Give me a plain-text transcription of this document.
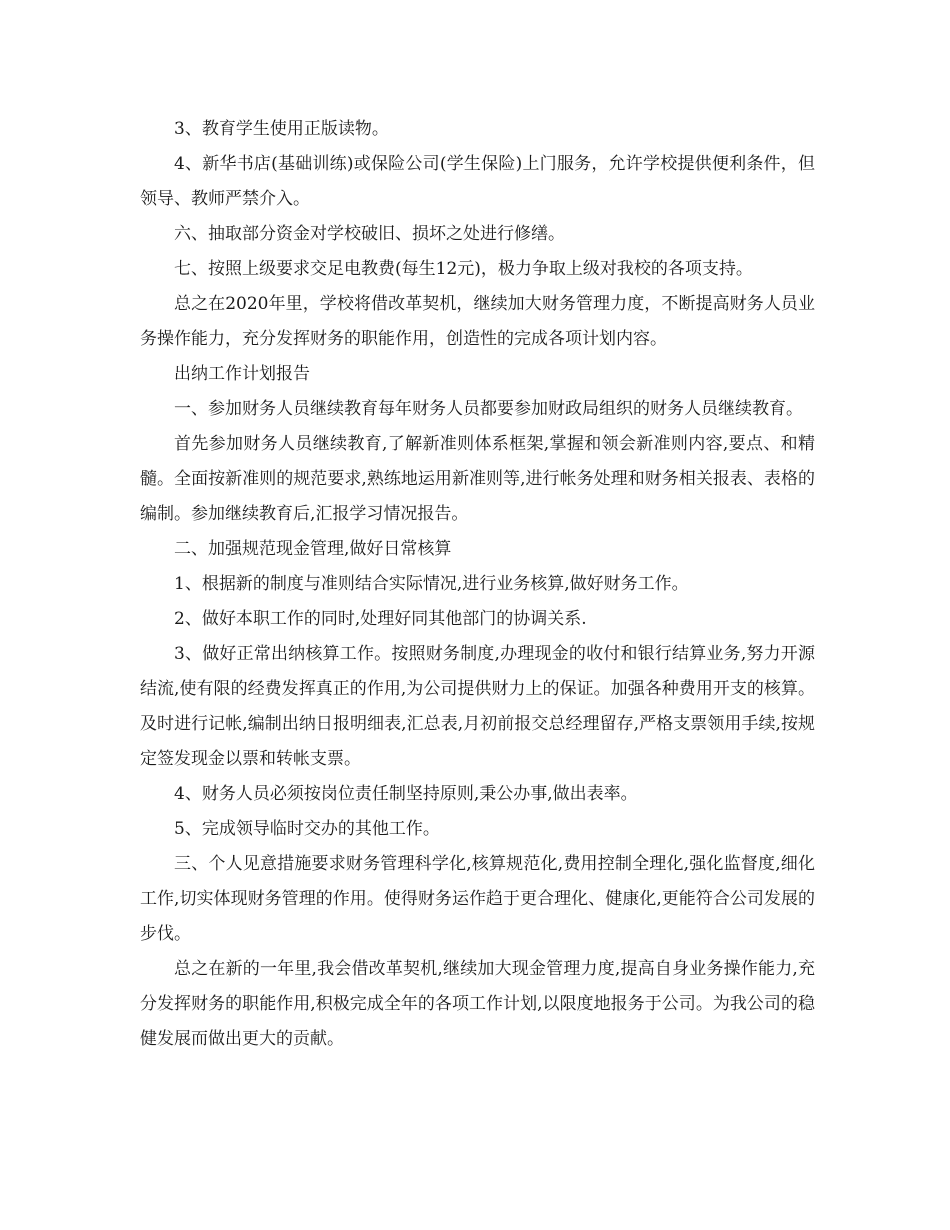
3、教育学生使用正版读物。

4、新华书店(基础训练)或保险公司(学生保险)上门服务，允许学校提供便利条件，但领导、教师严禁介入。

六、抽取部分资金对学校破旧、损坏之处进行修缮。

七、按照上级要求交足电教费(每生12元)，极力争取上级对我校的各项支持。

总之在2020年里，学校将借改革契机，继续加大财务管理力度，不断提高财务人员业务操作能力，充分发挥财务的职能作用，创造性的完成各项计划内容。

出纳工作计划报告

一、参加财务人员继续教育每年财务人员都要参加财政局组织的财务人员继续教育。

首先参加财务人员继续教育,了解新准则体系框架,掌握和领会新准则内容,要点、和精髓。全面按新准则的规范要求,熟练地运用新准则等,进行帐务处理和财务相关报表、表格的编制。参加继续教育后,汇报学习情况报告。

二、加强规范现金管理,做好日常核算

1、根据新的制度与准则结合实际情况,进行业务核算,做好财务工作。

2、做好本职工作的同时,处理好同其他部门的协调关系.

3、做好正常出纳核算工作。按照财务制度,办理现金的收付和银行结算业务,努力开源结流,使有限的经费发挥真正的作用,为公司提供财力上的保证。加强各种费用开支的核算。及时进行记帐,编制出纳日报明细表,汇总表,月初前报交总经理留存,严格支票领用手续,按规定签发现金以票和转帐支票。

4、财务人员必须按岗位责任制坚持原则,秉公办事,做出表率。

5、完成领导临时交办的其他工作。

三、个人见意措施要求财务管理科学化,核算规范化,费用控制全理化,强化监督度,细化工作,切实体现财务管理的作用。使得财务运作趋于更合理化、健康化,更能符合公司发展的步伐。

总之在新的一年里,我会借改革契机,继续加大现金管理力度,提高自身业务操作能力,充分发挥财务的职能作用,积极完成全年的各项工作计划,以限度地报务于公司。为我公司的稳健发展而做出更大的贡献。
